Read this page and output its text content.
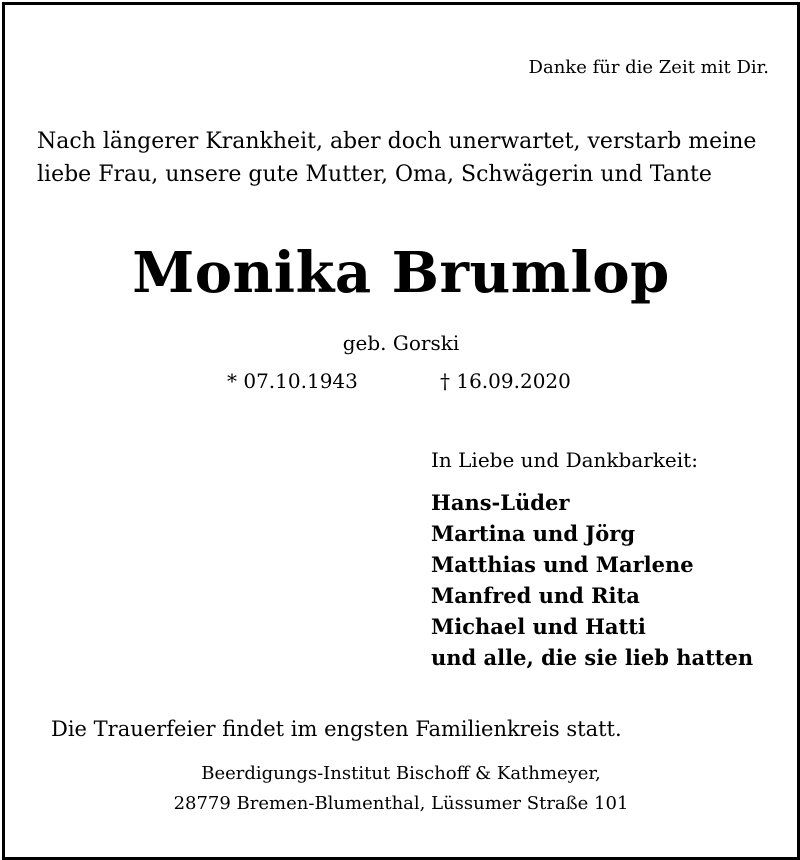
Danke für die Zeit mit Dir.
Nach längerer Krankheit, aber doch unerwartet, verstarb meine
liebe Frau, unsere gute Mutter, Oma, Schwägerin und Tante
Monika Brumlop
geb. Gorski
* 07.10.1943	† 16.09.2020
In Liebe und Dankbarkeit:
Hans-Lüder
Martina und Jörg
Matthias und Marlene
Manfred und Rita
Michael und Hatti
und alle, die sie lieb hatten
Die Trauerfeier findet im engsten Familienkreis statt.
Beerdigungs-Institut Bischoff & Kathmeyer,
28779 Bremen-Blumenthal, Lüssumer Straße 101
